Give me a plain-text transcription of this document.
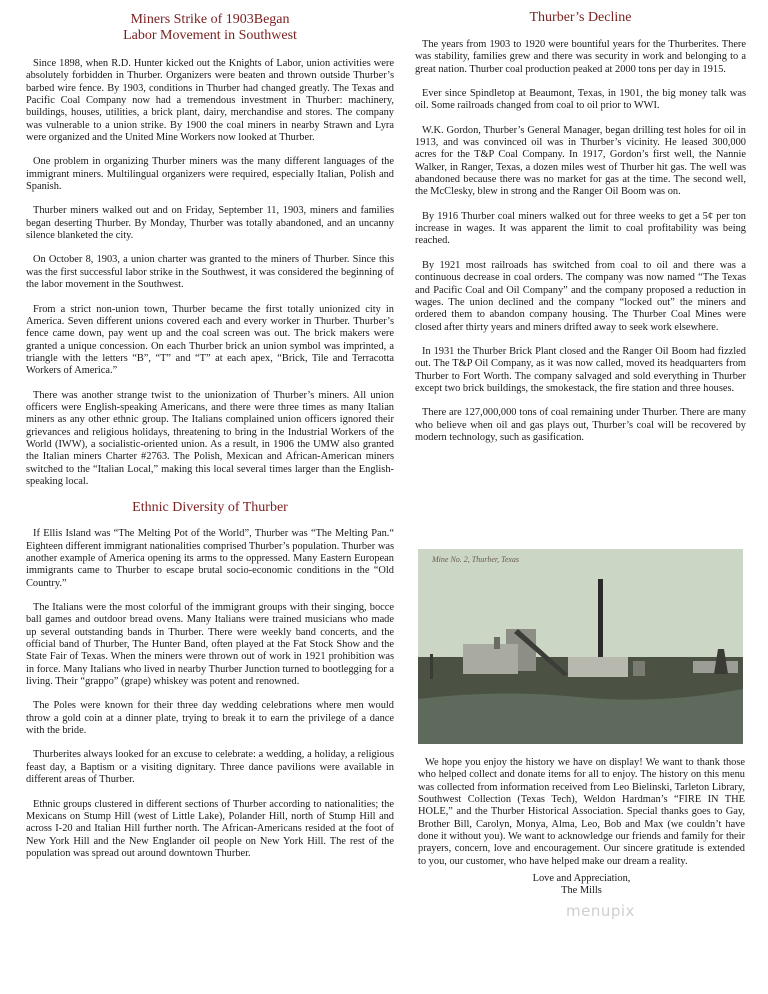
Miners Strike of 1903Began
Labor Movement in Southwest

Since 1898, when R.D. Hunter kicked out the Knights of Labor, union activities were absolutely forbidden in Thurber. Organizers were beaten and thrown outside Thurber’s barbed wire fence. By 1903, conditions in Thurber had changed greatly. The Texas and Pacific Coal Company now had a tremendous investment in Thurber: machinery, buildings, houses, utilities, a brick plant, dairy, merchandise and stores. The company was vulnerable to a union strike. By 1900 the coal miners in nearby Strawn and Lyra were organized and the United Mine Workers now looked at Thurber.

One problem in organizing Thurber miners was the many different languages of the immigrant miners. Multilingual organizers were required, especially Italian, Polish and Spanish.

Thurber miners walked out and on Friday, September 11, 1903, miners and families began deserting Thurber. By Monday, Thurber was totally abandoned, and an uncanny silence blanketed the city.

On October 8, 1903, a union charter was granted to the miners of Thurber. Since this was the first successful labor strike in the Southwest, it was considered the beginning of the labor movement in the Southwest.

From a strict non-union town, Thurber became the first totally unionized city in America. Seven different unions covered each and every worker in Thurber. Thurber’s fence came down, pay went up and the coal screen was out. The brick makers were granted a unique concession. On each Thurber brick an union symbol was imprinted, a triangle with the letters “B”, “T” and “T” at each apex, “Brick, Tile and Terracotta Workers of America.”

There was another strange twist to the unionization of Thurber’s miners. All union officers were English-speaking Americans, and there were three times as many Italian miners as any other ethnic group. The Italians complained union officers ignored their grievances and religious holidays, threatening to bring in the Industrial Workers of the World (IWW), a socialistic-oriented union. As a result, in 1906 the UMW also granted the Italian miners Charter #2763. The Polish, Mexican and African-American miners switched to the “Italian Local,” making this local several times larger than the English-speaking local.

Ethnic Diversity of Thurber

If Ellis Island was “The Melting Pot of the World”, Thurber was “The Melting Pan.“ Eighteen different immigrant nationalities comprised Thurber’s population. Thurber was another example of America opening its arms to the oppressed. Many Eastern European immigrants came to Thurber to escape brutal socio-economic conditions in the “Old Country.”

The Italians were the most colorful of the immigrant groups with their singing, bocce ball games and outdoor bread ovens. Many Italians were trained musicians who made up several outstanding bands in Thurber. There were weekly band concerts, and the official band of Thurber, The Hunter Band, often played at the Fat Stock Show and the State Fair of Texas. When the miners were thrown out of work in 1921 prohibition was in force. Many Italians who lived in nearby Thurber Junction turned to bootlegging for a living. Their “grappo” (grape) whiskey was potent and renowned.

The Poles were known for their three day wedding celebrations where men would throw a gold coin at a dinner plate, trying to break it to earn the privilege of a dance with the bride.

Thurberites always looked for an excuse to celebrate: a wedding, a holiday, a religious feast day, a Baptism or a visiting dignitary. Three dance pavilions were available in different areas of Thurber.

Ethnic groups clustered in different sections of Thurber according to nationalities; the Mexicans on Stump Hill (west of Little Lake), Polander Hill, north of Stump Hill and across I-20 and Italian Hill further north. The African-Americans resided at the foot of New York Hill and the New Englander oil people on New York Hill. The rest of the population was spread out around downtown Thurber.

Thurber’s Decline

The years from 1903 to 1920 were bountiful years for the Thurberites. There was stability, families grew and there was security in work and belonging to a great nation. Thurber coal production peaked at 2000 tons per day in 1915.

Ever since Spindletop at Beaumont, Texas, in 1901, the big money talk was oil. Some railroads changed from coal to oil prior to WWI.

W.K. Gordon, Thurber’s General Manager, began drilling test holes for oil in 1913, and was convinced oil was in Thurber’s vicinity. He leased 300,000 acres for the T&P Coal Company. In 1917, Gordon’s first well, the Nannie Walker, in Ranger, Texas, a dozen miles west of Thurber hit gas. The well was abandoned because there was no market for gas at the time. The second well, the McClesky, blew in strong and the Ranger Oil Boom was on.

By 1916 Thurber coal miners walked out for three weeks to get a 5¢ per ton increase in wages. It was apparent the limit to coal profitability was being reached.

By 1921 most railroads has switched from coal to oil and there was a continuous decrease in coal orders. The company was now named “The Texas and Pacific Coal and Oil Company” and the company proposed a reduction in wages. The union declined and the company “locked out” the miners and ordered them to abandon company housing. The Thurber Coal Mines were closed after thirty years and miners drifted away to seek work elsewhere.

In 1931 the Thurber Brick Plant closed and the Ranger Oil Boom had fizzled out. The T&P Oil Company, as it was now called, moved its headquarters from Thurber to Fort Worth. The company salvaged and sold everything in Thurber except two brick buildings, the smokestack, the fire station and three houses.

There are 127,000,000 tons of coal remaining under Thurber. There are many who believe when oil and gas plays out, Thurber’s coal will be recovered by modern technology, such as gasification.

Mine No. 2, Thurber, Texas

We hope you enjoy the history we have on display! We want to thank those who helped collect and donate items for all to enjoy. The history on this menu was collected from information received from Leo Bielinski, Tarleton Library, Southwest Collection (Texas Tech), Weldon Hardman’s “FIRE IN THE HOLE,” and the Thurber Historical Association. Special thanks goes to Gay, Brother Bill, Carolyn, Monya, Alma, Leo, Bob and Max (we couldn’t have done it without you). We want to acknowledge our friends and family for their prayers, concern, love and encouragement. Our sincere gratitude is extended to you, our customer, who have helped make our dream a reality.

Love and Appreciation,
The Mills
menupix
